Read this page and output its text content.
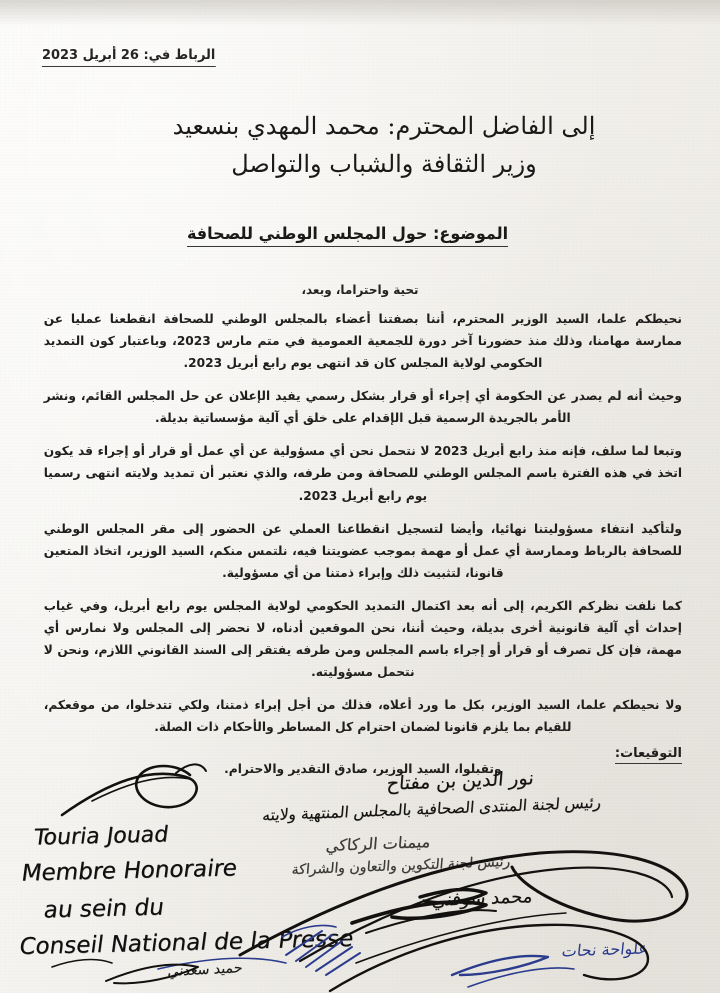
الرباط في: 26 أبريل 2023
إلى الفاضل المحترم: محمد المهدي بنسعيد
وزير الثقافة والشباب والتواصل
الموضوع: حول المجلس الوطني للصحافة
تحية واحتراما، وبعد،

نحيطكم علما، السيد الوزير المحترم، أننا بصفتنا أعضاء بالمجلس الوطني للصحافة انقطعنا عمليا عن ممارسة مهامنا، وذلك منذ حضورنا آخر دورة للجمعية العمومية في متم مارس 2023، وباعتبار كون التمديد الحكومي لولاية المجلس كان قد انتهى يوم رابع أبريل 2023.

وحيث أنه لم يصدر عن الحكومة أي إجراء أو قرار بشكل رسمي يفيد الإعلان عن حل المجلس القائم، ونشر الأمر بالجريدة الرسمية قبل الإقدام على خلق أي آلية مؤسساتية بديلة.

وتبعا لما سلف، فإنه منذ رابع أبريل 2023 لا نتحمل نحن أي مسؤولية عن أي عمل أو قرار أو إجراء قد يكون اتخذ في هذه الفترة باسم المجلس الوطني للصحافة ومن طرفه، والذي نعتبر أن تمديد ولايته انتهى رسميا يوم رابع أبريل 2023.

ولتأكيد انتفاء مسؤوليتنا نهائيا، وأيضا لتسجيل انقطاعنا العملي عن الحضور إلى مقر المجلس الوطني للصحافة بالرباط وممارسة أي عمل أو مهمة بموجب عضويتنا فيه، نلتمس منكم، السيد الوزير، اتخاذ المتعين قانونا، لتثبيت ذلك وإبراء ذمتنا من أي مسؤولية.

كما نلفت نظركم الكريم، إلى أنه بعد اكتمال التمديد الحكومي لولاية المجلس يوم رابع أبريل، وفي غياب إحداث أي آلية قانونية أخرى بديلة، وحيث أننا، نحن الموقعين أدناه، لا نحضر إلى المجلس ولا نمارس أي مهمة، فإن كل تصرف أو قرار أو إجراء باسم المجلس ومن طرفه يفتقر إلى السند القانوني اللازم، ونحن لا نتحمل مسؤوليته.

ولا نحيطكم علما، السيد الوزير، بكل ما ورد أعلاه، فذلك من أجل إبراء ذمتنا، ولكي تتدخلوا، من موقعكم، للقيام بما يلزم قانونا لضمان احترام كل المساطر والأحكام ذات الصلة.

وتقبلوا، السيد الوزير، صادق التقدير والاحترام.

التوقيعات:
نور الدين بن مفتاح
رئيس لجنة المنتدى الصحافية بالمجلس المنتهية ولايته
ميمنات الركاكي
رئيس لجنة التكوين والتعاون والشراكة
محمد سوفني
Touria Jouad
Membre Honoraire
au sein du
Conseil National de la Presse	علواحة نحات
حميد سعدني
